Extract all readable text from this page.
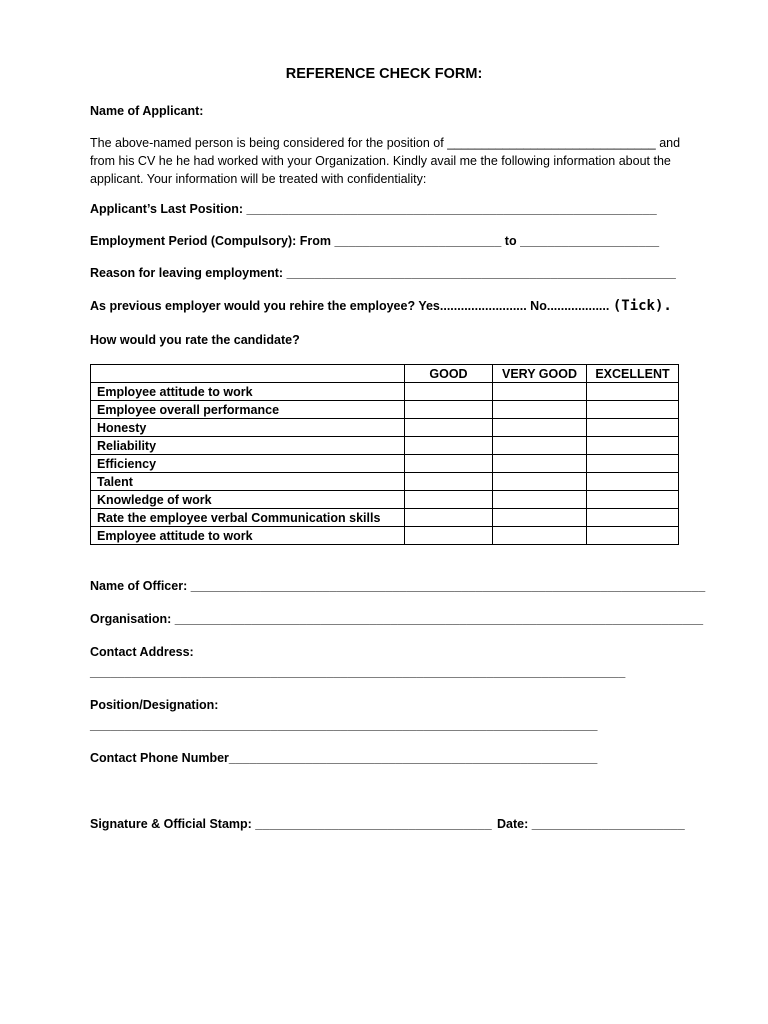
REFERENCE CHECK FORM:
Name of Applicant:
The above-named person is being considered for the position of ______________________________ and from his CV he he had worked with your Organization. Kindly avail me the following information about the applicant. Your information will be treated with confidentiality:
Applicant’s Last Position: ___________________________________________________________
Employment Period (Compulsory): From ________________________ to ____________________
Reason for leaving employment: ________________________________________________________
As previous employer would you rehire the employee? Yes......................... No.................. (Tick).
How would you rate the candidate?
	GOOD	VERY GOOD	EXCELLENT
Employee attitude to work			
Employee overall performance			
Honesty			
Reliability			
Efficiency			
Talent			
Knowledge of work			
Rate the employee verbal Communication skills			
Employee attitude to work			
Name of Officer: __________________________________________________________________________
Organisation: ____________________________________________________________________________
Contact Address:
_____________________________________________________________________________
Position/Designation:
_________________________________________________________________________
Contact Phone Number_____________________________________________________
Signature & Official Stamp: __________________________________ Date: ______________________
